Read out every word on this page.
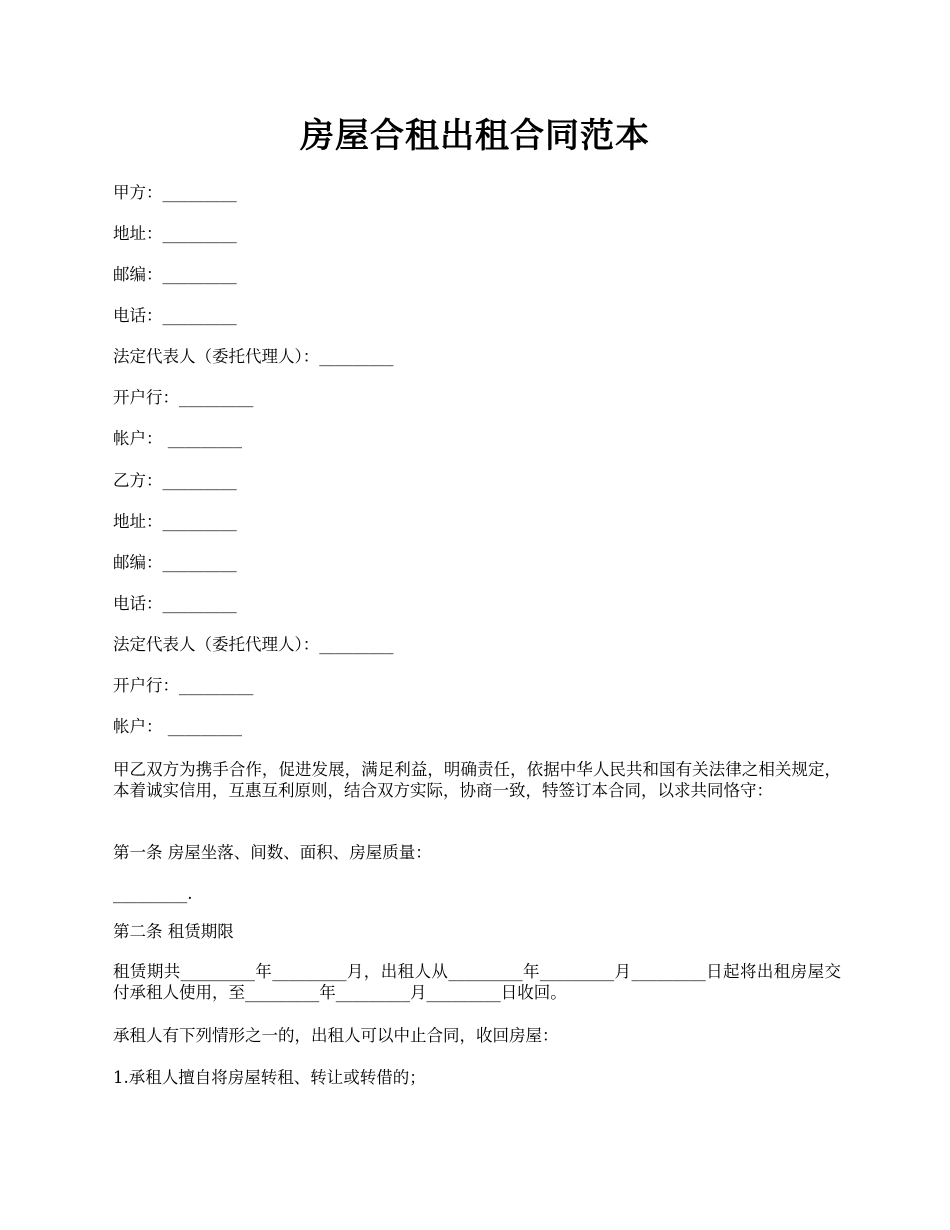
房屋合租出租合同范本

甲方：_________

地址：_________

邮编：_________

电话：_________

法定代表人（委托代理人）：_________

开户行：_________

帐户： _________

乙方：_________

地址：_________

邮编：_________

电话：_________

法定代表人（委托代理人）：_________

开户行：_________

帐户： _________

甲乙双方为携手合作，促进发展，满足利益，明确责任，依据中华人民共和国有关法律之相关规定，本着诚实信用，互惠互利原则，结合双方实际，协商一致，特签订本合同，以求共同恪守：

第一条 房屋坐落、间数、面积、房屋质量：

_________.

第二条 租赁期限

租赁期共_________年_________月，出租人从_________年_________月_________日起将出租房屋交付承租人使用，至_________年_________月_________日收回。

承租人有下列情形之一的，出租人可以中止合同，收回房屋：

1.承租人擅自将房屋转租、转让或转借的；
